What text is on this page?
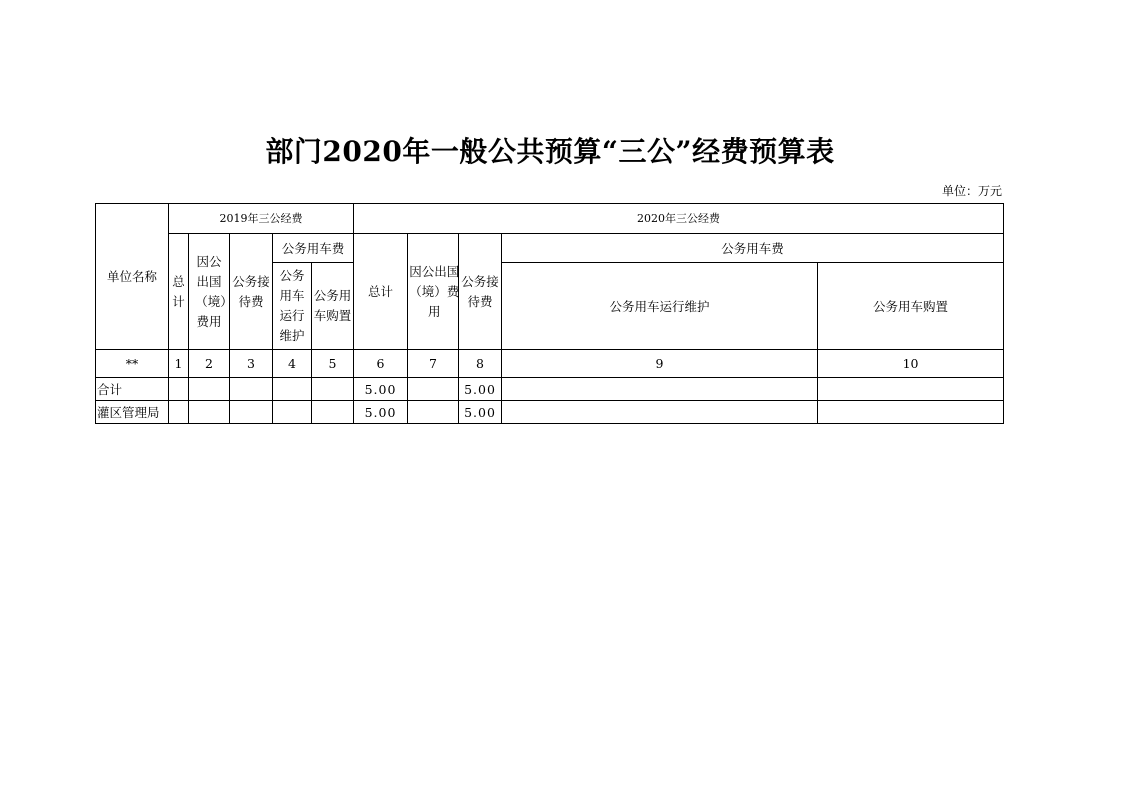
部门2020年一般公共预算“三公”经费预算表
单位：万元
单位名称	2019年三公经费					2020年三公经费				

	总计	因公出国（境）费用	公务接待费	公务用车费		总计	因公出国（境）费用	公务接待费	公务用车费	

				公务用车运行维护	公务用车购置				公务用车运行维护	公务用车购置

**	1	2	3	4	5	6	7	8	9	10
合计						5.00		5.00		
灌区管理局						5.00		5.00		
